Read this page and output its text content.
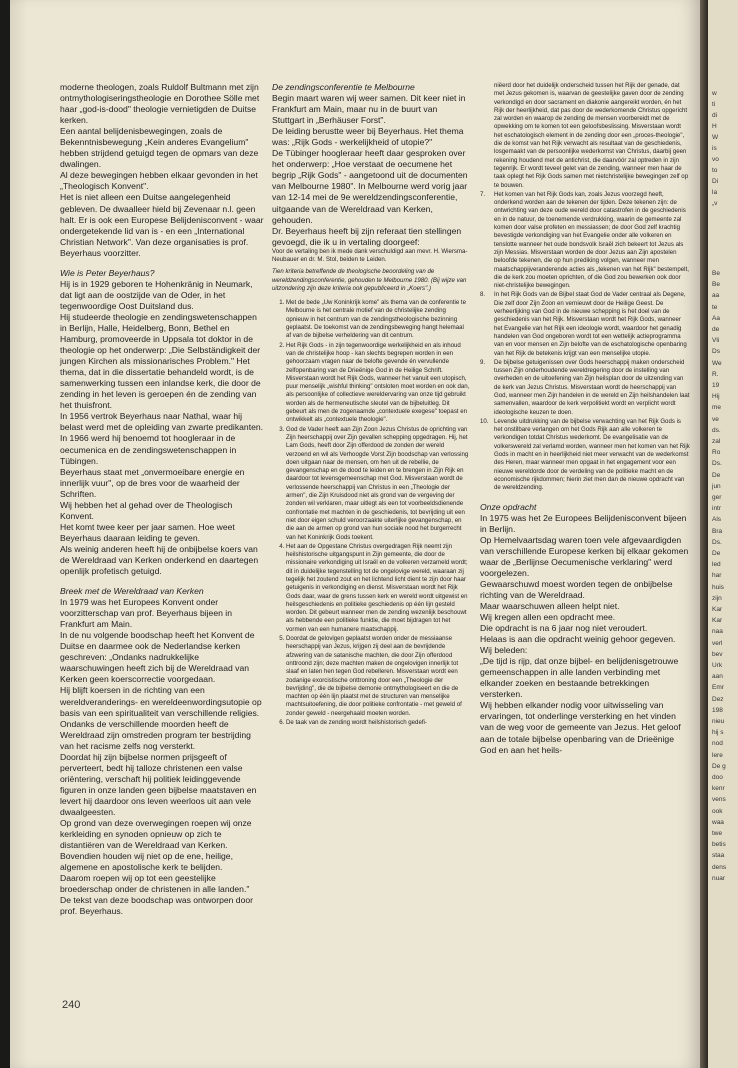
moderne theologen, zoals Ruldolf Bultmann met zijn ontmythologiseringstheologie en Dorothee Sölle met haar „god-is-dood" theologie vernietigden de Duitse kerken.

Een aantal belijdenisbewegingen, zoals de Bekenntnisbewegung „Kein anderes Evangelium" hebben strijdend getuigd tegen de opmars van deze dwalingen.

Al deze bewegingen hebben elkaar gevonden in het „Theologisch Konvent".

Het is niet alleen een Duitse aangelegenheid gebleven. De dwaalleer hield bij Zevenaar n.l. geen halt. Er is ook een Europese Belijdenisconvent - waar ondergetekende lid van is - en een „International Christian Network". Van deze organisaties is prof. Beyerhaus voorzitter.

Wie is Peter Beyerhaus?

Hij is in 1929 geboren te Hohenkränig in Neumark, dat ligt aan de oostzijde van de Oder, in het tegenwoordige Oost Duitsland dus.

Hij studeerde theologie en zendingswetenschappen in Berlijn, Halle, Heidelberg, Bonn, Bethel en Hamburg, promoveerde in Uppsala tot doktor in de theologie op het onderwerp: „Die Selbständigkeit der jungen Kirchen als missionarisches Problem." Het thema, dat in die dissertatie behandeld wordt, is de samenwerking tussen een inlandse kerk, die door de zending in het leven is geroepen én de zending van het thuisfront.

In 1956 vertrok Beyerhaus naar Nathal, waar hij belast werd met de opleiding van zwarte predikanten.

In 1966 werd hij benoemd tot hoogleraar in de oecumenica en de zendingswetenschappen in Tübingen.

Beyerhaus staat met „onvermoeibare energie en innerlijk vuur", op de bres voor de waarheid der Schriften.

Wij hebben het al gehad over de Theologisch Konvent.

Het komt twee keer per jaar samen. Hoe weet Beyerhaus daaraan leiding te geven.

Als weinig anderen heeft hij de onbijbelse koers van de Wereldraad van Kerken onderkend en daartegen openlijk profetisch getuigd.

Breek met de Wereldraad van Kerken

In 1979 was het Europees Konvent onder voorzitterschap van prof. Beyerhaus bijeen in Frankfurt am Main.

In de nu volgende boodschap heeft het Konvent de Duitse en daarmee ook de Nederlandse kerken geschreven: „Ondanks nadrukkelijke waarschuwingen heeft zich bij de Wereldraad van Kerken geen koerscorrectie voorgedaan.

Hij blijft koersen in de richting van een wereldveranderings- en wereldeenwordingsutopie op basis van een spiritualiteit van verschillende religies. Ondanks de verschillende moorden heeft de Wereldraad zijn omstreden program ter bestrijding van het racisme zelfs nog versterkt.

Doordat hij zijn bijbelse normen prijsgeeft of perverteert, bedt hij talloze christenen een valse oriëntering, verschaft hij politiek leidinggevende figuren in onze landen geen bijbelse maatstaven en levert hij daardoor ons leven weerloos uit aan vele dwaalgeesten.

Op grond van deze overwegingen roepen wij onze kerkleiding en synoden opnieuw op zich te distantiëren van de Wereldraad van Kerken. Bovendien houden wij niet op de ene, heilige, algemene en apostolische kerk te belijden.

Daarom roepen wij op tot een geestelijke broederschap onder de christenen in alle landen."

De tekst van deze boodschap was ontworpen door prof. Beyerhaus.

De zendingsconferentie te Melbourne

Begin maart waren wij weer samen. Dit keer niet in Frankfurt am Main, maar nu in de buurt van Stuttgart in „Berhäuser Forst".

De leiding berustte weer bij Beyerhaus. Het thema was: „Rijk Gods - werkelijkheid of utopie?"

De Tübinger hoogleraar heeft daar gesproken over het onderwerp: „Hoe verstaat de oecumene het begrip „Rijk Gods" - aangetoond uit de documenten van Melbourne 1980". In Melbourne werd vorig jaar van 12-14 mei de 9e wereldzendingsconferentie, uitgaande van de Wereldraad van Kerken, gehouden.

Dr. Beyerhaus heeft bij zijn referaat tien stellingen gevoegd, die ik u in vertaling doorgeef:

Voor de vertaling ben ik mede dank verschuldigd aan mevr. H. Wiersma-Neubauer en dr. M. Stol, beiden te Leiden.

Tien kriteria betreffende de theologische beoordeling van de wereldzendingsconferentie, gehouden te Melbourne 1980. (Bij wijze van uitzondering zijn deze kriteria ook gepubliceerd in „Koers".)

1. Met de bede „Uw Koninkrijk kome" als thema van de conferentie te Melbourne is het centrale motief van de christelijke zending opnieuw in het centrum van de zendingstheologische bezinning geplaatst. De toekomst van de zendingsbeweging hangt helemaal af van de bijbelse verheldering van dit centrum.
2. Het Rijk Gods - in zijn tegenwoordige werkelijkheid en als inhoud van de christelijke hoop - kan slechts begrepen worden in een gehoorzaam vragen naar de belofte gevende én vervullende zelfopenbaring van de Drieënige God in de Heilige Schrift. Misverstaan wordt het Rijk Gods, wanneer het vanuit een utopisch, puur menselijk „wishful thinking" ontsloten moet worden en ook dan, als persoonlijke of collectieve wereldervaring van onze tijd gebruikt worden als de hermeneutische sleutel van de bijbeluitleg. Dit gebeurt als men de zogenaamde „contextuele exegese" toepast en ontwikkelt als „contextuele theologie".
3. God de Vader heeft aan Zijn Zoon Jezus Christus de oprichting van Zijn heerschappij over Zijn gevallen schepping opgedragen. Hij, het Lam Gods, heeft door Zijn offerdood de zonden der wereld verzoend en wil als Verhoogde Vorst Zijn boodschap van verlossing doen uitgaan naar de mensen, om hen uit de rebellie, de gevangenschap en de dood te leiden en te brengen in Zijn Rijk en daardoor tot levensgemeenschap met God. Misverstaan wordt de verlossende heerschappij van Christus in een „Theologie der armen", die Zijn Kruisdood niet als grond van de vergeving der zonden wil verklaren, maar uitlegt als een tot voorbeeldsdienende confrontatie met machten in de geschiedenis, tot bevrijding uit een niet door eigen schuld veroorzaakte uiterlijke gevangenschap, en die aan de armen op grond van hun sociale nood het burgerrecht van het Koninkrijk Gods toekent.
4. Het aan de Opgestane Christus overgedragen Rijk neemt zijn heilshistorische uitgangspunt in Zijn gemeente, die door de missionaire verkondiging uit Israël en de volkeren verzameld wordt; dit in duidelijke tegenstelling tot de ongelovige wereld, waaraan zij tegelijk het zoutend zout en het lichtend licht dient te zijn door haar getuigenis in verkondiging en dienst. Misverstaan wordt het Rijk Gods daar, waar de grens tussen kerk en wereld wordt uitgewist en heilsgeschiedenis en politieke geschiedenis op één lijn gesteld worden. Dit gebeurt wanneer men de zending wezenlijk beschouwt als hebbende een politieke funktie, die moet bijdragen tot het vormen van een humanere maatschappij.
5. Doordat de gelovigen geplaatst worden onder de messiaanse heerschappij van Jezus, krijgen zij deel aan de bevrijdende afzwering van de satanische machten, die door Zijn offerdood onttroond zijn; deze machten maken de ongelovigen innerlijk tot slaaf en laten hen tegen God rebelleren. Misverstaan wordt een zodanige exorcistische onttroning door een „Theologie der bevrijding", die de bijbelse demonie ontmythologiseert en die de machten op één lijn plaatst met de structuren van menselijke machtsuitoefening, die door politieke confrontatie - met geweld of zonder geweld - neergehaald moeten worden.
6. De taak van de zending wordt heilshistorisch gedefi-

niëerd door het duidelijk onderscheid tussen het Rijk der genade, dat met Jezus gekomen is, waarvan de geestelijke gaven door de zending verkondigd en door sacrament en diakonie aangereikt worden, én het Rijk der heerlijkheid, dat pas door de wederkomende Christus opgericht zal worden en waarop de zending de mensen voorbereidt met de opwekking om te komen tot een geloofsbeslissing. Misverstaan wordt het eschatologisch element in de zending door een „proces-theologie", die de komst van het Rijk verwacht als resultaat van de geschiedenis, losgemaakt van de persoonlijke wederkomst van Christus, daarbij geen rekening houdend met de antichrist, die daarvóór zal optreden in zijn tegenrijk. Er wordt teveel gelet van de zending, wanneer men haar de taak oplegt het Rijk Gods samen met nietchristelijke bewegingen zelf op te bouwen.

7.	Het komen van het Rijk Gods kan, zoals Jezus voorzegd heeft, onderkend worden aan de tekenen der tijden. Deze tekenen zijn: de ontwrichting van deze oude wereld door catastrofen in de geschiedenis en in de natuur, de toenemende verdrukking, waarin de gemeente zal komen door valse profeten en messiassen; de door God zelf krachtig bevestigde verkondiging van het Evangelie onder alle volkeren en tenslotte wanneer het oude bondsvolk Israël zich bekeert tot Jezus als zijn Messias. Misverstaan worden de door Jezus aan Zijn apostelen beloofde tekenen, die op hun prediking volgen, wanneer men maatschappijveranderende acties als „tekenen van het Rijk" bestempelt, die de kerk zou moeten oprichten, of die God zou bewerken ook door niet-christelijke bewegingen.
8.	In het Rijk Gods van de Bijbel staat God de Vader centraal als Degene, Die zelf door Zijn Zoon en vernieuwt door de Heilige Geest. De verheerlijking van God in de nieuwe schepping is het doel van de geschiedenis van het Rijk. Misverstaan wordt het Rijk Gods, wanneer het Evangelie van het Rijk een ideologie wordt, waardoor het genadig handelen van God ongeboren wordt tot een wettelijk actieprogramma van en voor mensen en Zijn belofte van de eschatologische openbaring van het Rijk de betekenis krijgt van een menselijke utopie.
9.	De bijbelse getuigenissen over Gods heerschappij maken onderscheid tussen Zijn onderhoudende wereldregering door de instelling van overheden en de uitoefening van Zijn heilsplan door de uitzending van de kerk van Jezus Christus. Misverstaan wordt de heerschappij van God, wanneer men Zijn handelen in de wereld en Zijn heilshandelen laat samenvallen, waardoor de kerk verpolitiekt wordt en verplicht wordt ideologische keuzen te doen.
10. Levende uitdrukking van de bijbelse verwachting van het Rijk Gods is het onstilbare verlangen om het Gods Rijk aan alle volkeren te verkondigen totdat Christus wederkomt. De evangelisatie van de volkerswereld zal verlamd worden, wanneer men het komen van het Rijk Gods in macht en in heerlijkheid niet meer verwacht van de wederkomst des Heren, maar wanneer men opgaat in het engagement voor een nieuwe wereldorde door de verdeling van de politieke macht en de economische rijkdommen; hierin ziet men dan de nieuwe opdracht van de wereldzending.

Onze opdracht

In 1975 was het 2e Europees Belijdenisconvent bijeen in Berlijn.

Op Hemelvaartsdag waren toen vele afgevaardigden van verschillende Europese kerken bij elkaar gekomen waar de „Berlijnse Oecumenische verklaring" werd voorgelezen.

Gewaarschuwd moest worden tegen de onbijbelse richting van de Wereldraad.

Maar waarschuwen alleen helpt niet.

Wij kregen allen een opdracht mee.

Die opdracht is na 6 jaar nog niet veroudert.

Helaas is aan die opdracht weinig gehoor gegeven.

Wij beleden:

„De tijd is rijp, dat onze bijbel- en belijdenisgetrouwe gemeenschappen in alle landen verbinding met elkander zoeken en bestaande betrekkingen versterken.

Wij hebben elkander nodig voor uitwisseling van ervaringen, tot onderlinge versterking en het vinden van de weg voor de gemeente van Jezus. Het geloof aan de totale bijbelse openbaring van de Drieënige God en aan het heils-

240
w
ti
di
H
W
is
vo
to
Di
la
„v
Be
Be
aa
te
Aa
de
Vli
Ds
We
R.
19
Hij
me
ve
ds.
zal
Ro
Ds.
De
jun
ger
intr
Als
Bra
Ds.
De
led
har
huis
zijn
Kar
Kar
naa
verl
bev
Urk
aan
Emr
Dez
198
nieu
hij s
nod
lere
De g
doo
kenr
vens
ook
waa
twe
betis
staa
dens
nuar
